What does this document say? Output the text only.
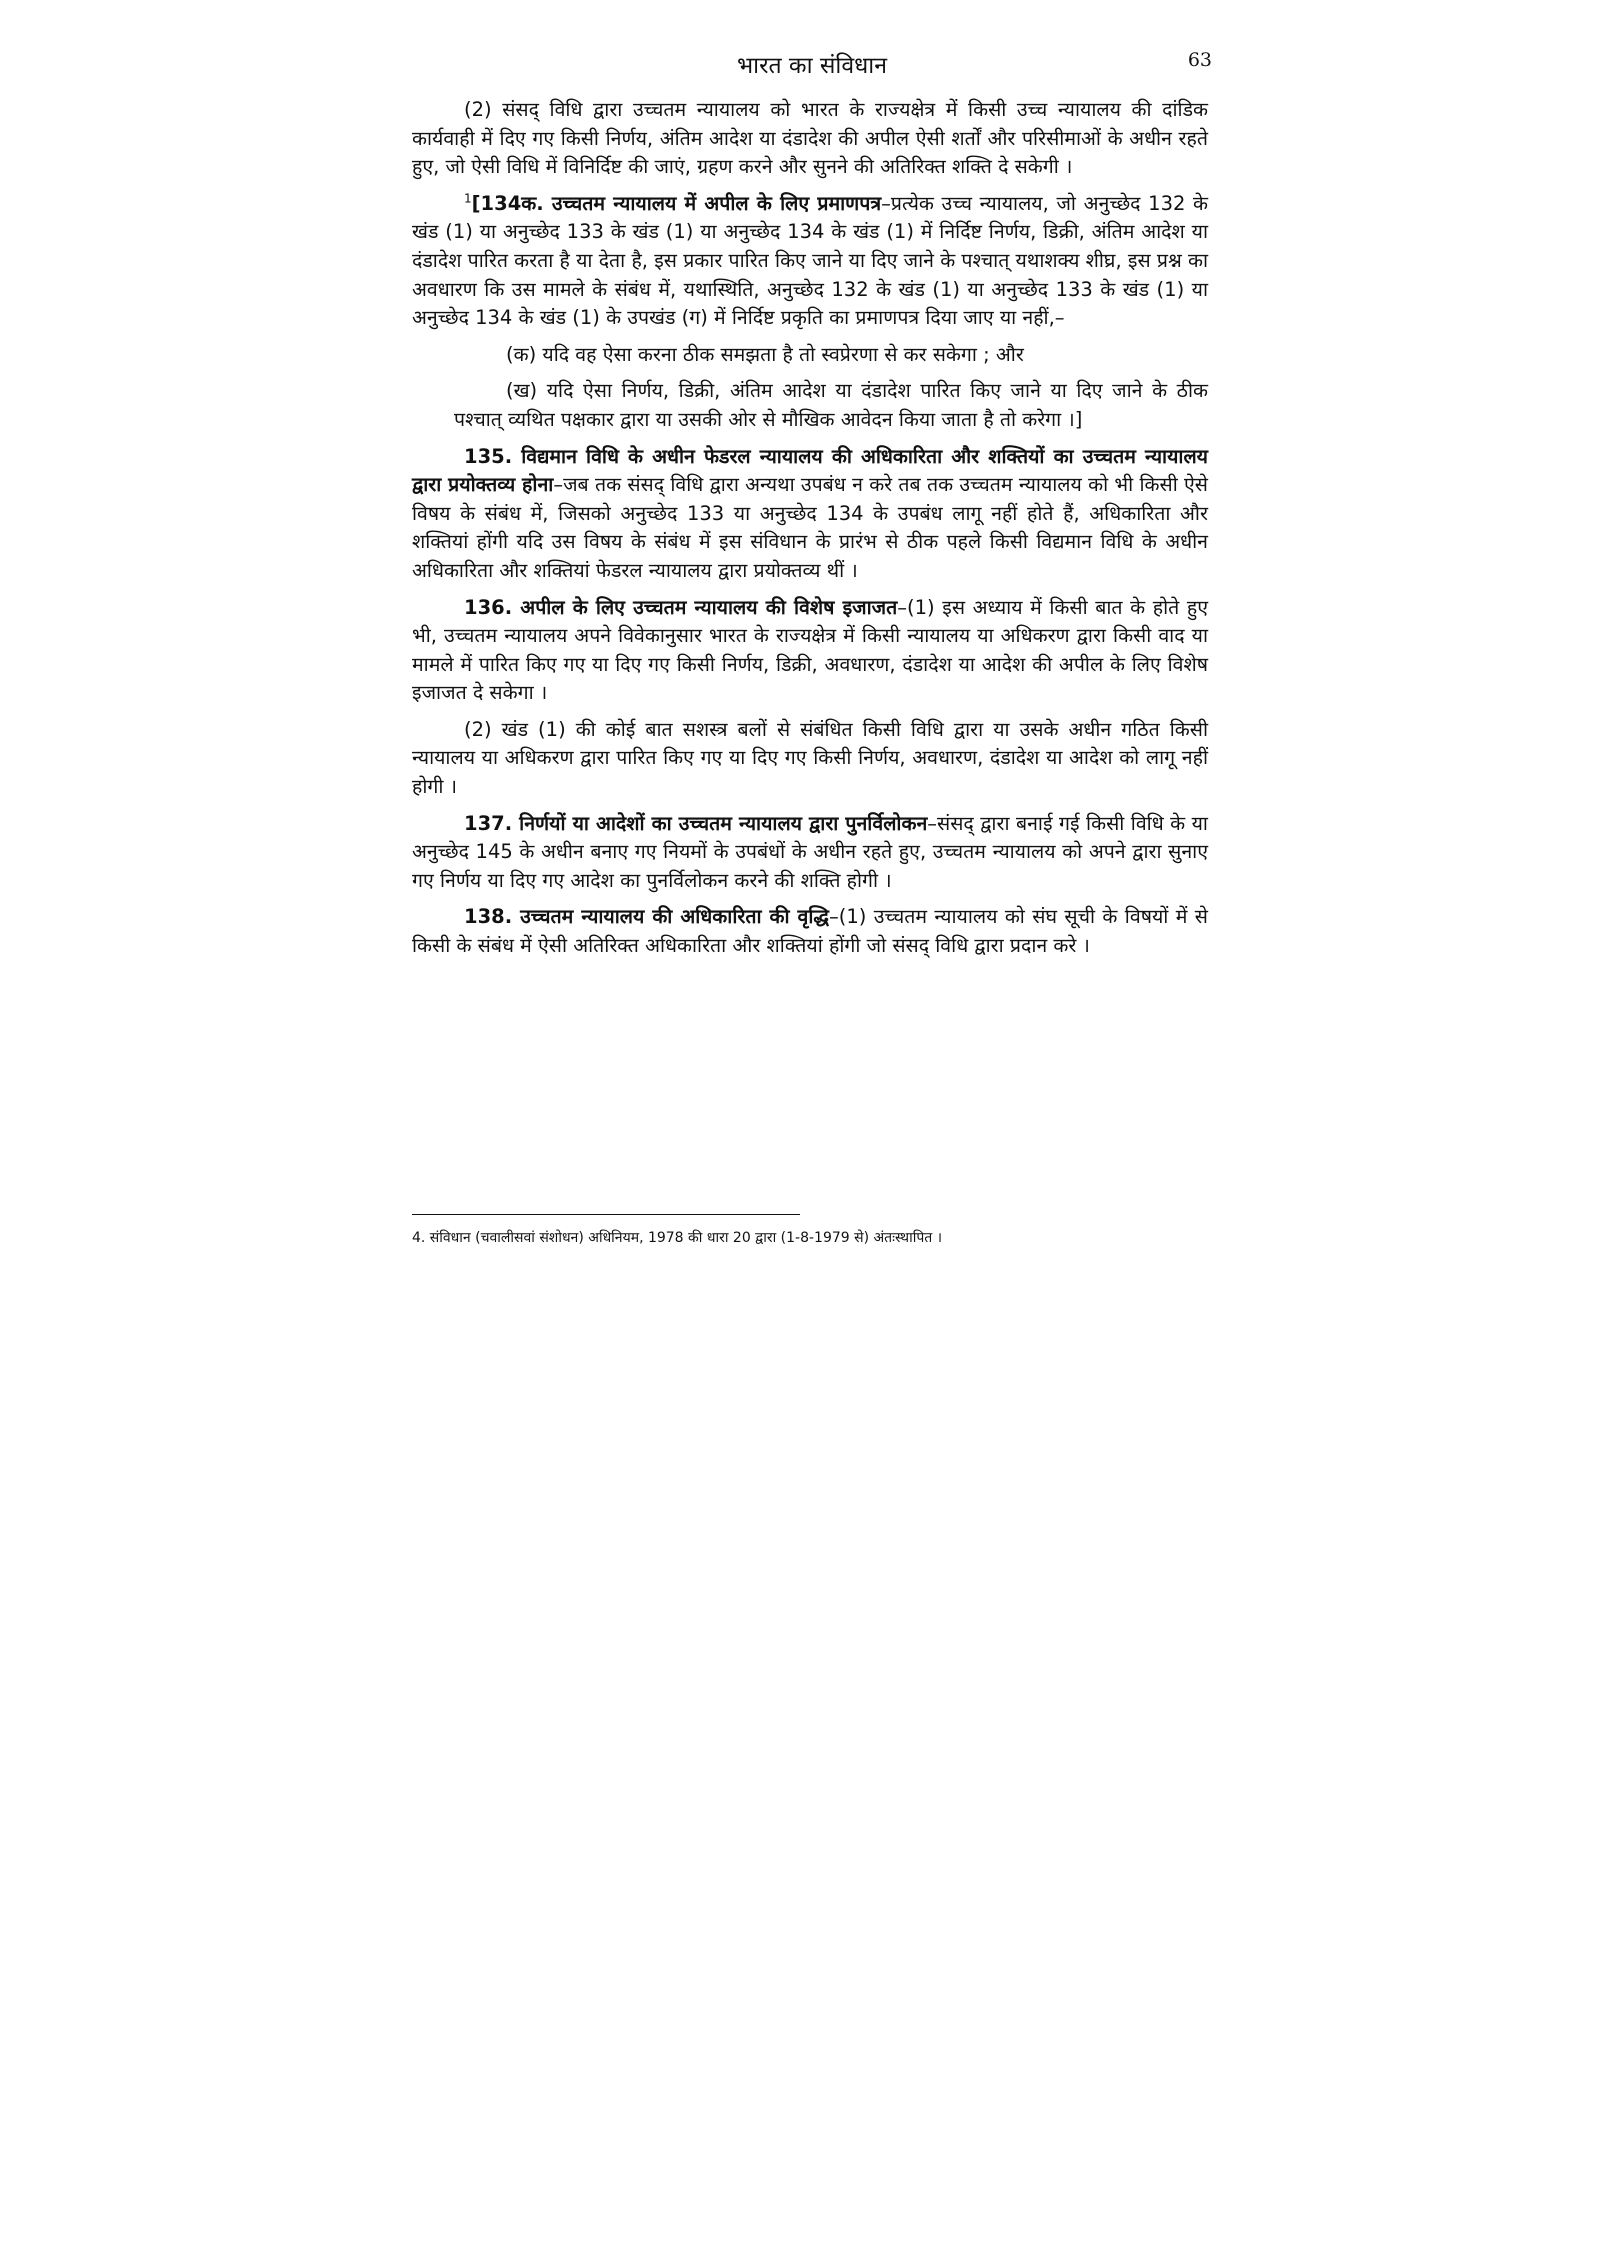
भारत का संविधान	63

(2) संसद् विधि द्वारा उच्चतम न्यायालय को भारत के राज्यक्षेत्र में किसी उच्च न्यायालय की दांडिक कार्यवाही में दिए गए किसी निर्णय, अंतिम आदेश या दंडादेश की अपील ऐसी शर्तों और परिसीमाओं के अधीन रहते हुए, जो ऐसी विधि में विनिर्दिष्ट की जाएं, ग्रहण करने और सुनने की अतिरिक्त शक्ति दे सकेगी ।

$^1$[134क. उच्चतम न्यायालय में अपील के लिए प्रमाणपत्र–प्रत्येक उच्च न्यायालय, जो अनुच्छेद 132 के खंड (1) या अनुच्छेद 133 के खंड (1) या अनुच्छेद 134 के खंड (1) में निर्दिष्ट निर्णय, डिक्री, अंतिम आदेश या दंडादेश पारित करता है या देता है, इस प्रकार पारित किए जाने या दिए जाने के पश्चात् यथाशक्य शीघ्र, इस प्रश्न का अवधारण कि उस मामले के संबंध में, यथास्थिति, अनुच्छेद 132 के खंड (1) या अनुच्छेद 133 के खंड (1) या अनुच्छेद 134 के खंड (1) के उपखंड (ग) में निर्दिष्ट प्रकृति का प्रमाणपत्र दिया जाए या नहीं,–

(क) यदि वह ऐसा करना ठीक समझता है तो स्वप्रेरणा से कर सकेगा ; और

(ख) यदि ऐसा निर्णय, डिक्री, अंतिम आदेश या दंडादेश पारित किए जाने या दिए जाने के ठीक पश्चात् व्यथित पक्षकार द्वारा या उसकी ओर से मौखिक आवेदन किया जाता है तो करेगा ।]

135. विद्यमान विधि के अधीन फेडरल न्यायालय की अधिकारिता और शक्तियों का उच्चतम न्यायालय द्वारा प्रयोक्तव्य होना–जब तक संसद् विधि द्वारा अन्यथा उपबंध न करे तब तक उच्चतम न्यायालय को भी किसी ऐसे विषय के संबंध में, जिसको अनुच्छेद 133 या अनुच्छेद 134 के उपबंध लागू नहीं होते हैं, अधिकारिता और शक्तियां होंगी यदि उस विषय के संबंध में इस संविधान के प्रारंभ से ठीक पहले किसी विद्यमान विधि के अधीन अधिकारिता और शक्तियां फेडरल न्यायालय द्वारा प्रयोक्तव्य थीं ।

136. अपील के लिए उच्चतम न्यायालय की विशेष इजाजत–(1) इस अध्याय में किसी बात के होते हुए भी, उच्चतम न्यायालय अपने विवेकानुसार भारत के राज्यक्षेत्र में किसी न्यायालय या अधिकरण द्वारा किसी वाद या मामले में पारित किए गए या दिए गए किसी निर्णय, डिक्री, अवधारण, दंडादेश या आदेश की अपील के लिए विशेष इजाजत दे सकेगा ।

(2) खंड (1) की कोई बात सशस्त्र बलों से संबंधित किसी विधि द्वारा या उसके अधीन गठित किसी न्यायालय या अधिकरण द्वारा पारित किए गए या दिए गए किसी निर्णय, अवधारण, दंडादेश या आदेश को लागू नहीं होगी ।

137. निर्णयों या आदेशों का उच्चतम न्यायालय द्वारा पुनर्विलोकन–संसद् द्वारा बनाई गई किसी विधि के या अनुच्छेद 145 के अधीन बनाए गए नियमों के उपबंधों के अधीन रहते हुए, उच्चतम न्यायालय को अपने द्वारा सुनाए गए निर्णय या दिए गए आदेश का पुनर्विलोकन करने की शक्ति होगी ।

138. उच्चतम न्यायालय की अधिकारिता की वृद्धि–(1) उच्चतम न्यायालय को संघ सूची के विषयों में से किसी के संबंध में ऐसी अतिरिक्त अधिकारिता और शक्तियां होंगी जो संसद् विधि द्वारा प्रदान करे ।

4. संविधान (चवालीसवां संशोधन) अधिनियम, 1978 की धारा 20 द्वारा (1-8-1979 से) अंतःस्थापित ।
